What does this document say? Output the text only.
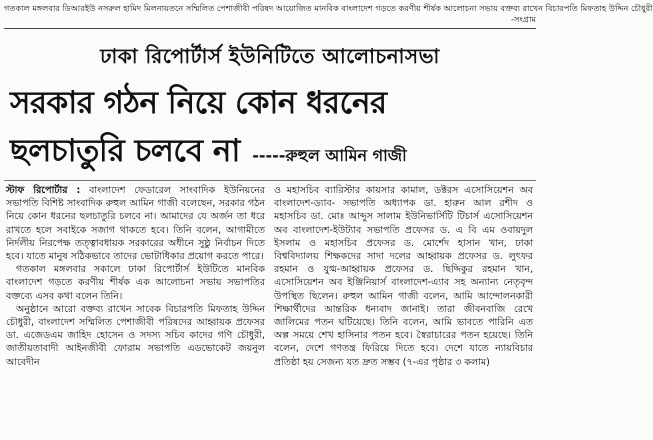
গতকাল মঙ্গলবার ডিআরইউ নসরুল হামিদ মিলনায়তনে সম্মিলিত পেশাজীবী পরিষদ আয়োজিত মানবিক বাংলাদেশ গড়তে করণীয় শীর্ষক আলোচনা সভায় বক্তব্য রাখেন বিচারপতি মিফতাহ উদ্দিন চৌধুরী
-সংগ্রাম
ঢাকা রিপোর্টার্স ইউনিটিতে আলোচনাসভা
সরকার গঠন নিয়ে কোন ধরনের
ছলচাতুরি চলবে না -----রুহুল আমিন গাজী

স্টাফ রিপোর্টার : বাংলাদেশ ফেডারেল সাংবাদিক ইউনিয়নের সভাপতি বিশিষ্ট সাংবাদিক রুহুল আমিন গাজী বলেছেন, সরকার গঠন নিয়ে কোন ধরনের ছলচাতুরি চলবে না। আমাদের যে অর্জন তা ধরে রাখতে হলে সবাইকে সজাগ থাকতে হবে। তিনি বলেন, আগামীতে নির্দলীয় নিরপেক্ষ তত্ত্বাবধায়ক সরকারের অধীনে সুষ্ঠু নির্বাচন দিতে হবে। যাতে মানুষ সঠিকভাবে তাদের ভোটাধিকার প্রয়োগ করতে পারে।

গতকাল মঙ্গলবার সকালে ঢাকা রিপোর্টার্স ইউটিতে মানবিক বাংলাদেশ গড়তে করণীয় শীর্ষক এক আলোচনা সভায় সভাপতির বক্তব্যে এসব কথা বলেন তিনি।

অনুষ্ঠানে আরো বক্তব্য রাখেন সাবেক বিচারপতি মিফতাহ উদ্দিন চৌধুরী, বাংলাদেশ সম্মিলিত পেশাজীবী পরিষদের আহ্বায়ক প্রফেসর ডা. এজেডএম জাহিদ হোসেন ও সদস্য সচিব কাদের গণি চৌধুরী, জাতীয়তাবাদী আইনজীবী ফোরাম সভাপতি এডভোকেট জয়নুল আবেদীন

ও মহাসচিব ব্যারিস্টার কায়সার কামাল, ডক্টরস এসোসিয়েশন অব বাংলাদেশ-ড্যাব- সভাপতি অধ্যাপক ডা. হারুন আল রশীদ ও মহাসচিব ডা. মোঃ আব্দুস সালাম ইউনিভার্সিটি টিচার্স এসোসিয়েশন অব বাংলাদেশ-ইউট্যাব সভাপতি প্রফেসর ড. এ বি এম ওবায়দুল ইসলাম ও মহাসচিব প্রফেসর ড. মোর্শেদ হাসান খান, ঢাকা বিশ্ববিদ্যালয় শিক্ষকদের সাদা দলের আহ্বায়ক প্রফেসর ড. লুৎফর রহমান ও যুগ্ম-আহ্বায়ক প্রফেসর ড. ছিদ্দিকুর রহমান খান, এসোসিয়েশন অব ইঞ্জিনিয়ার্স বাংলাদেশ-এ্যাব সহ অন্যান্য নেতৃবৃন্দ উপস্থিত ছিলেন। রুহুল আমিন গাজী বলেন, আমি আন্দোলনকারী শিক্ষার্থীদের আন্তরিক ধন্যবাদ জানাই। তারা জীবনবাজি রেখে জালিমের পতন ঘটিয়েছে। তিনি বলেন, আমি ভাবতে পারিনি এত অল্প সময়ে শেখ হাসিনার পতন হবে। স্বৈরাচারের পতন হয়েছে। তিনি বলেন, দেশে গণতন্ত্র ফিরিয়ে দিতে হবে। দেশে যাতে ন্যায়বিচার প্রতিষ্ঠা হয় সেজন্য যত দ্রুত সম্ভব (৭-এর পৃষ্ঠার ৩ কলাম)
